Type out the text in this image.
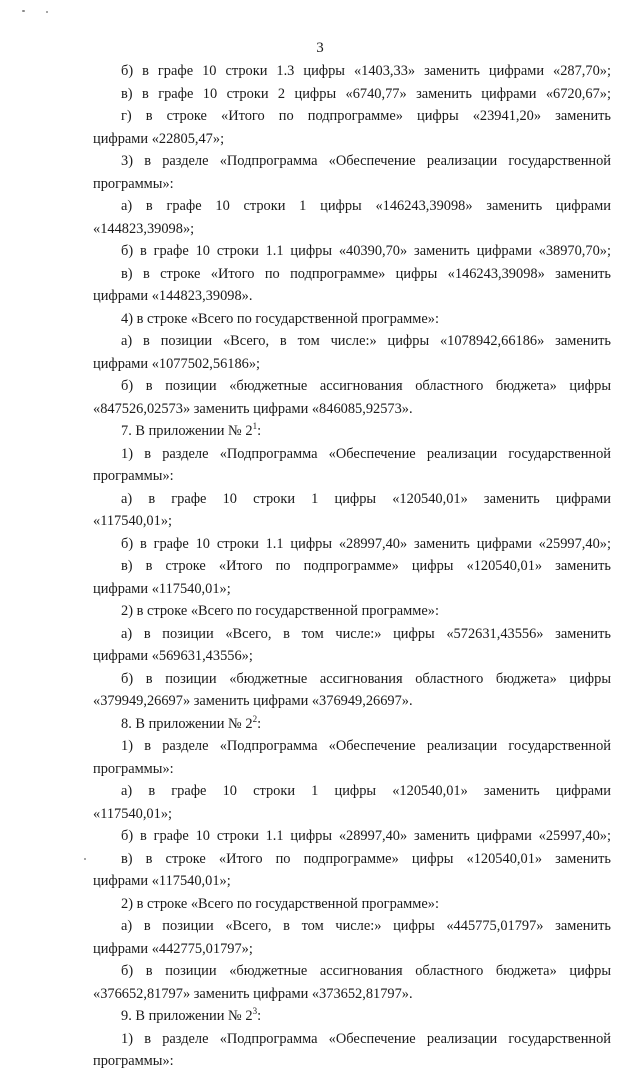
3
б) в графе 10 строки 1.3 цифры «1403,33» заменить цифрами «287,70»;
в) в графе 10 строки 2 цифры «6740,77» заменить цифрами «6720,67»;
г) в строке «Итого по подпрограмме» цифры «23941,20» заменить
цифрами «22805,47»;
3) в разделе «Подпрограмма «Обеспечение реализации государственной
программы»:
а) в графе 10 строки 1 цифры «146243,39098» заменить цифрами
«144823,39098»;
б) в графе 10 строки 1.1 цифры «40390,70» заменить цифрами «38970,70»;
в) в строке «Итого по подпрограмме» цифры «146243,39098» заменить
цифрами «144823,39098».
4) в строке «Всего по государственной программе»:
а) в позиции «Всего, в том числе:» цифры «1078942,66186» заменить
цифрами «1077502,56186»;
б) в позиции «бюджетные ассигнования областного бюджета» цифры
«847526,02573» заменить цифрами «846085,92573».
7. В приложении № $2^1$:
1) в разделе «Подпрограмма «Обеспечение реализации государственной
программы»:
а) в графе 10 строки 1 цифры «120540,01» заменить цифрами
«117540,01»;
б) в графе 10 строки 1.1 цифры «28997,40» заменить цифрами «25997,40»;
в) в строке «Итого по подпрограмме» цифры «120540,01» заменить
цифрами «117540,01»;
2) в строке «Всего по государственной программе»:
а) в позиции «Всего, в том числе:» цифры «572631,43556» заменить
цифрами «569631,43556»;
б) в позиции «бюджетные ассигнования областного бюджета» цифры
«379949,26697» заменить цифрами «376949,26697».
8. В приложении № $2^2$:
1) в разделе «Подпрограмма «Обеспечение реализации государственной
программы»:
а) в графе 10 строки 1 цифры «120540,01» заменить цифрами
«117540,01»;
б) в графе 10 строки 1.1 цифры «28997,40» заменить цифрами «25997,40»;
в) в строке «Итого по подпрограмме» цифры «120540,01» заменить
цифрами «117540,01»;
2) в строке «Всего по государственной программе»:
а) в позиции «Всего, в том числе:» цифры «445775,01797» заменить
цифрами «442775,01797»;
б) в позиции «бюджетные ассигнования областного бюджета» цифры
«376652,81797» заменить цифрами «373652,81797».
9. В приложении № $2^3$:
1) в разделе «Подпрограмма «Обеспечение реализации государственной
программы»:
